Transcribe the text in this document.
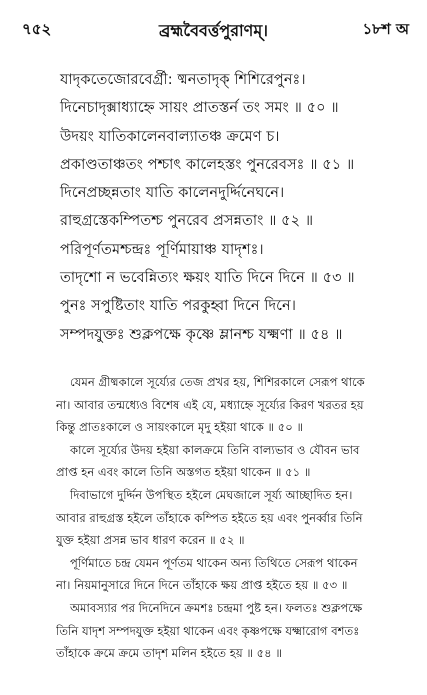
৭৫২	ব্রহ্মবৈবর্ত্তপুরাণম্।	১৮শ অ
যাদৃকতেজোরবের্গ্রী: ষ্মনতাদৃক্ শিশিরেপুনঃ।
দিনেচাদৃক্সাধ্যাহ্নে সায়ং প্রাতস্তর্ন তং সমং ॥ ৫০ ॥
উদয়ং যাতিকালেনবাল্যাতঞ্চ ক্রমেণ চ।
প্রকাণ্ডতাঞ্চতং পশ্চাৎ কালেহস্তং পুনরেবসঃ ॥ ৫১ ॥
দিনেপ্রচ্ছন্নতাং যাতি কালেনদুর্দ্দিনেঘনে।
রাহুগ্রস্তেকম্পিতশ্চ পুনরেব প্রসন্নতাং ॥ ৫২ ॥
পরিপূর্ণতমশ্চন্দ্রঃ পূর্ণিমায়াঞ্চ যাদৃশঃ।
তাদৃশো ন ভবেন্নিত্যং ক্ষয়ং যাতি দিনে দিনে ॥ ৫৩ ॥
পুনঃ সপুষ্টিতাং যাতি পরকুহ্বা দিনে দিনে।
সম্পদযুক্তঃ শুক্লপক্ষে কৃষ্ণে ম্লানশ্চ যক্ষ্মণা ॥ ৫৪ ॥
যেমন গ্রীষ্মকালে সূর্য্যের তেজ প্রখর হয়, শিশিরকালে সেরূপ থাকে
না। আবার তন্মধ্যেও বিশেষ এই যে, মধ্যাহ্নে সূর্য্যের কিরণ খরতর হয়
কিন্তু প্রাতঃকালে ও সায়ংকালে মৃদু হইয়া থাকে ॥ ৫০ ॥
কালে সূর্য্যের উদয় হইয়া কালক্রমে তিনি বাল্যভাব ও যৌবন ভাব
প্রাপ্ত হন এবং কালে তিনি অস্তগত হইয়া থাকেন ॥ ৫১ ॥
দিবাভাগে দুর্দ্দিন উপস্থিত হইলে মেঘজালে সূর্য্য আচ্ছাদিত হন।
আবার রাহুগ্রস্ত হইলে তাঁহাকে কম্পিত হইতে হয় এবং পুনর্ব্বার তিনি
যুক্ত হইয়া প্রসন্ন ভাব ধারণ করেন ॥ ৫২ ॥
পূর্ণিমাতে চন্দ্র যেমন পূর্ণতম থাকেন অন্য তিথিতে সেরূপ থাকেন
না। নিয়মানুসারে দিনে দিনে তাঁহাকে ক্ষয় প্রাপ্ত হইতে হয় ॥ ৫৩ ॥
অমাবস্যার পর দিনেদিনে ক্রমশঃ চন্দ্রমা পুষ্ট হন। ফলতঃ শুক্লপক্ষে
তিনি যাদৃশ সম্পদযুক্ত হইয়া থাকেন এবং কৃষ্ণপক্ষে যক্ষ্মারোগ বশতঃ
তাঁহাকে ক্রমে ক্রমে তাদৃশ মলিন হইতে হয় ॥ ৫৪ ॥
